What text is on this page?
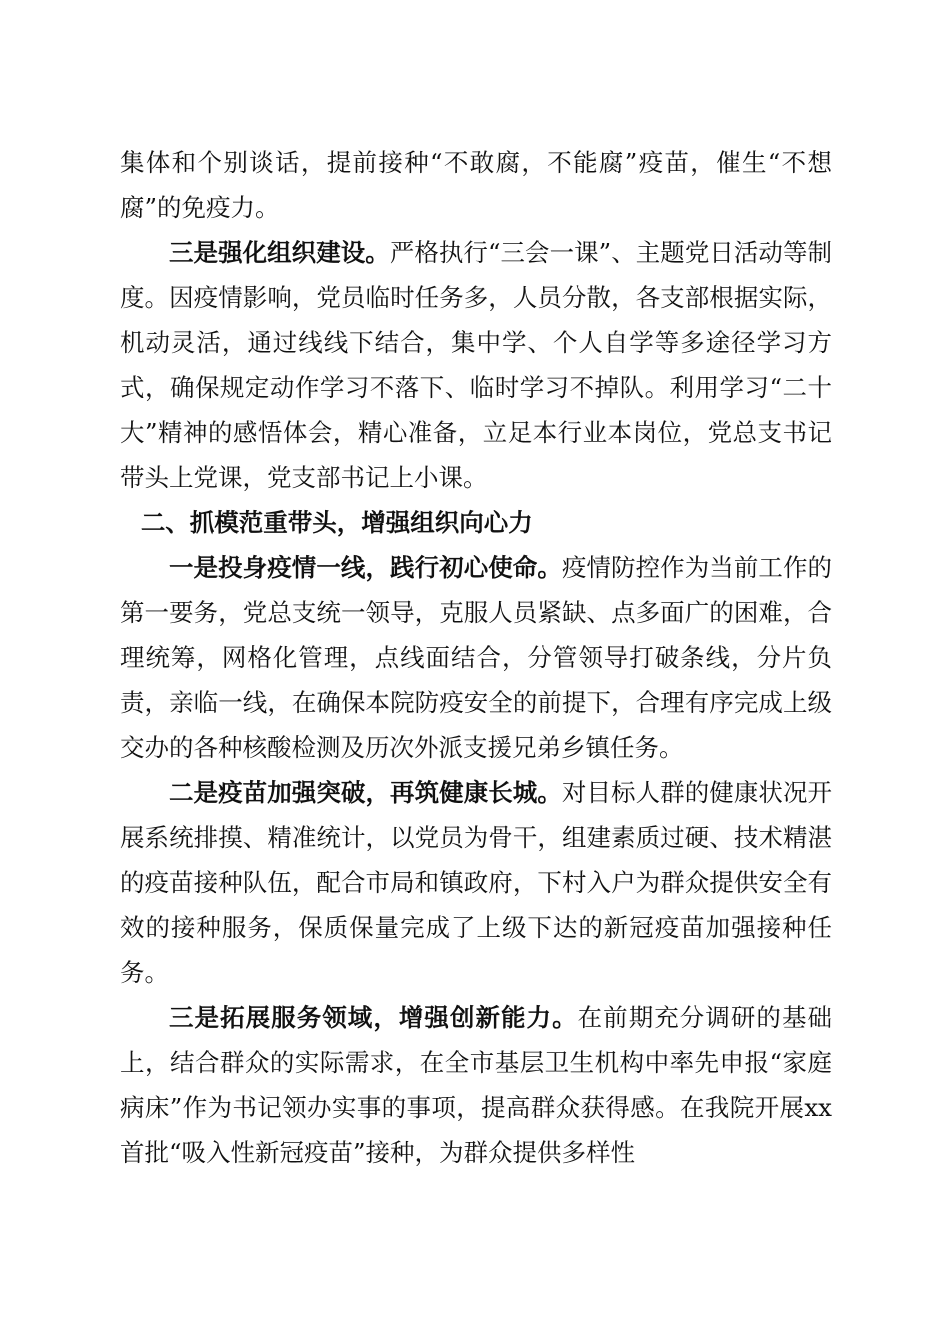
集体和个别谈话，提前接种“不敢腐，不能腐”疫苗，催生“不想腐”的免疫力。

三是强化组织建设。严格执行“三会一课”、主题党日活动等制度。因疫情影响，党员临时任务多，人员分散，各支部根据实际，机动灵活，通过线线下结合，集中学、个人自学等多途径学习方式，确保规定动作学习不落下、临时学习不掉队。利用学习“二十大”精神的感悟体会，精心准备，立足本行业本岗位，党总支书记带头上党课，党支部书记上小课。

二、抓模范重带头，增强组织向心力

一是投身疫情一线，践行初心使命。疫情防控作为当前工作的第一要务，党总支统一领导，克服人员紧缺、点多面广的困难，合理统筹，网格化管理，点线面结合，分管领导打破条线，分片负责，亲临一线，在确保本院防疫安全的前提下，合理有序完成上级交办的各种核酸检测及历次外派支援兄弟乡镇任务。

二是疫苗加强突破，再筑健康长城。对目标人群的健康状况开展系统排摸、精准统计，以党员为骨干，组建素质过硬、技术精湛的疫苗接种队伍，配合市局和镇政府，下村入户为群众提供安全有效的接种服务，保质保量完成了上级下达的新冠疫苗加强接种任务。

三是拓展服务领域，增强创新能力。在前期充分调研的基础上，结合群众的实际需求，在全市基层卫生机构中率先申报“家庭病床”作为书记领办实事的事项，提高群众获得感。在我院开展xx首批“吸入性新冠疫苗”接种，为群众提供多样性
